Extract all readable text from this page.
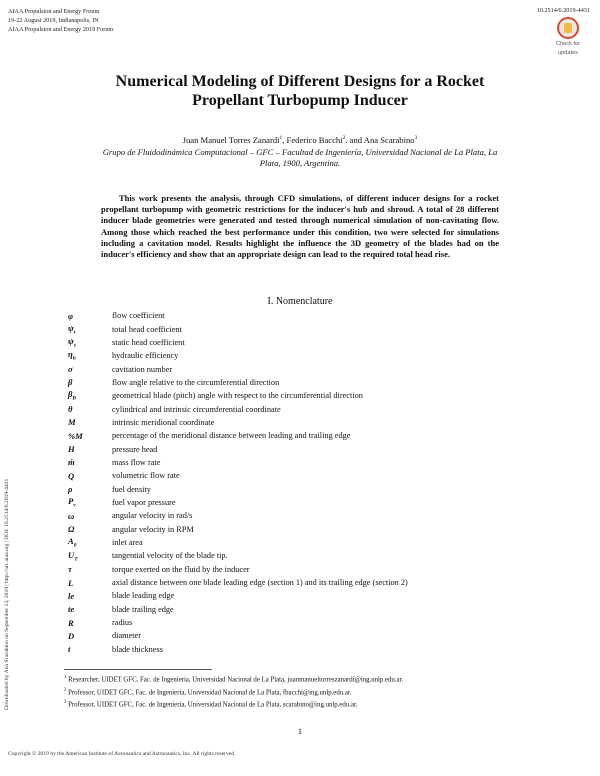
AIAA Propulsion and Energy Forum
19-22 August 2019, Indianapolis, IN
AIAA Propulsion and Energy 2019 Forum
10.2514/6.2019-4431
Check for
updates
Downloaded by Ana Scarabino on September 13, 2019 | http://arc.aiaa.org | DOI: 10.2514/6.2019-4431
Numerical Modeling of Different Designs for a Rocket
Propellant Turbopump Inducer
Juan Manuel Torres Zanardi$^1$, Federico Bacchi$^2$. and Ana Scarabino$^3$
Grupo de Fluidodinámica Computacional – GFC – Facultad de Ingeniería, Universidad Nacional de La Plata, La
Plata, 1900, Argentina.
This work presents the analysis, through CFD simulations, of different inducer designs for a rocket propellant turbopump with geometric restrictions for the inducer's hub and shroud. A total of 28 different inducer blade geometries were generated and tested through numerical simulation of non-cavitating flow. Among those which reached the best performance under this condition, two were selected for simulations including a cavitation model. Results highlight the influence the 3D geometry of the blades had on the inducer's efficiency and show that an appropriate design can lead to the required total head rise.
I. Nomenclature
φ	flow coefficient
$\psi_t$	total head coefficient
$\psi_s$	static head coefficient
$\eta_h$	hydraulic efficiency
σ	cavitation number
β	flow angle relative to the circumferential direction
$\beta_B$	geometrical blade (pitch) angle with respect to the circumferential direction
θ	cylindrical and intrinsic circumferential coordinate
M	intrinsic meridional coordinate
%M	percentage of the meridional distance between leading and trailing edge
H	pressure head
ṁ	mass flow rate
Q	volumetric flow rate
ρ	fuel density
$P_v$	fuel vapor pressure
ω	angular velocity in rad/s
Ω	angular velocity in RPM
$A_0$	inlet area
$U_T$	tangential velocity of the blade tip.
τ	torque exerted on the fluid by the inducer
L	axial distance between one blade leading edge (section 1) and its trailing edge (section 2)
le	blade leading edge
te	blade trailing edge
R	radius
D	diameter
t	blade thickness
$^1$ Researcher, UIDET GFC, Fac. de Ingeniería, Universidad Nacional de La Plata, juanmanueltorreszanardi@ing.unlp.edu.ar.
$^2$ Professor, UIDET GFC, Fac. de Ingeniería, Universidad Nacional de La Plata, fbacchi@ing.unlp.edu.ar.
$^3$ Professor, UIDET GFC, Fac. de Ingeniería, Universidad Nacional de La Plata, scarabino@ing.unlp.edu.ar.
1
Copyright © 2019 by the American Institute of Aeronautics and Astronautics, Inc. All rights reserved.
